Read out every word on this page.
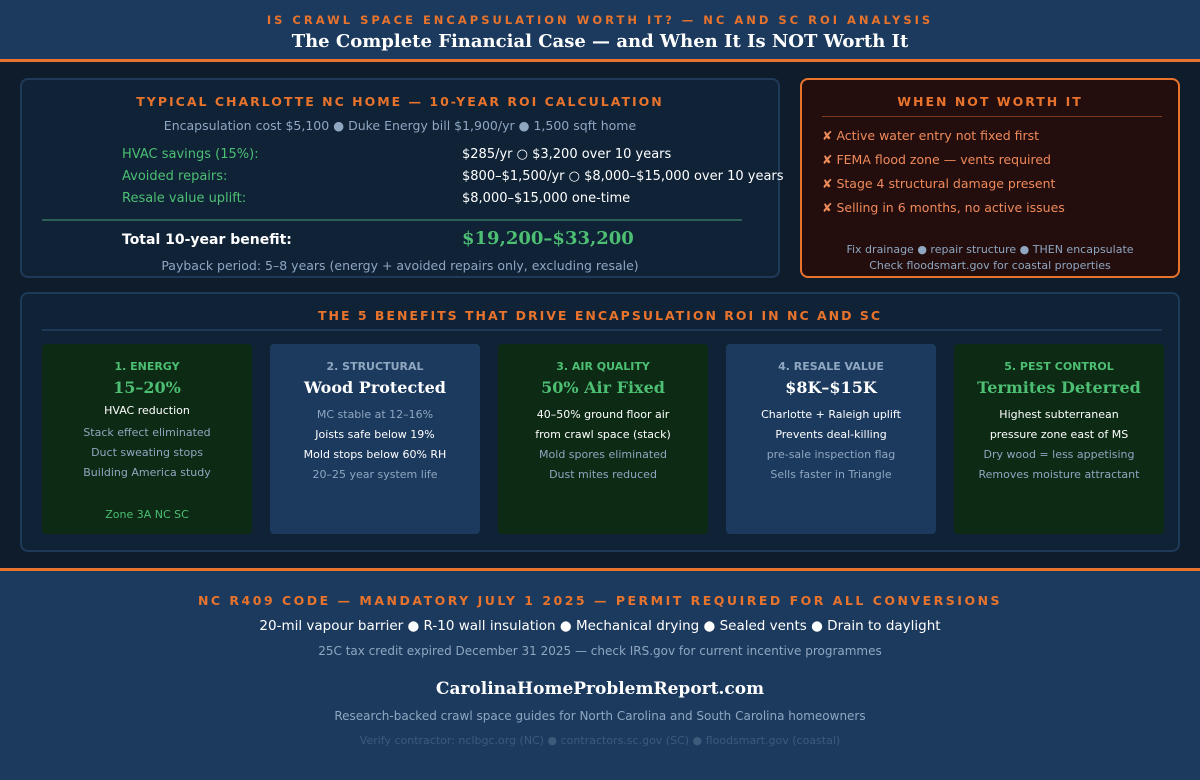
IS CRAWL SPACE ENCAPSULATION WORTH IT? — NC AND SC ROI ANALYSIS
The Complete Financial Case — and When It Is NOT Worth It
TYPICAL CHARLOTTE NC HOME — 10-YEAR ROI CALCULATION
Encapsulation cost $5,100 ● Duke Energy bill $1,900/yr ● 1,500 sqft home
HVAC savings (15%):	$285/yr ○ $3,200 over 10 years
Avoided repairs:	$800–$1,500/yr ○ $8,000–$15,000 over 10 years
Resale value uplift:	$8,000–$15,000 one-time
Total 10-year benefit:	$19,200–$33,200
Payback period: 5–8 years (energy + avoided repairs only, excluding resale)
WHEN NOT WORTH IT
✘ Active water entry not fixed first
✘ FEMA flood zone — vents required
✘ Stage 4 structural damage present
✘ Selling in 6 months, no active issues
Fix drainage ● repair structure ● THEN encapsulate
Check floodsmart.gov for coastal properties
THE 5 BENEFITS THAT DRIVE ENCAPSULATION ROI IN NC AND SC
1. ENERGY
15–20%
HVAC reduction
Stack effect eliminated
Duct sweating stops
Building America study
Zone 3A NC SC
2. STRUCTURAL
Wood Protected
MC stable at 12–16%
Joists safe below 19%
Mold stops below 60% RH
20–25 year system life
3. AIR QUALITY
50% Air Fixed
40–50% ground floor air
from crawl space (stack)
Mold spores eliminated
Dust mites reduced
4. RESALE VALUE
$8K–$15K
Charlotte + Raleigh uplift
Prevents deal-killing
pre-sale inspection flag
Sells faster in Triangle
5. PEST CONTROL
Termites Deterred
Highest subterranean
pressure zone east of MS
Dry wood = less appetising
Removes moisture attractant
NC R409 CODE — MANDATORY JULY 1 2025 — PERMIT REQUIRED FOR ALL CONVERSIONS
20-mil vapour barrier ● R-10 wall insulation ● Mechanical drying ● Sealed vents ● Drain to daylight
25C tax credit expired December 31 2025 — check IRS.gov for current incentive programmes
CarolinaHomeProblemReport.com
Research-backed crawl space guides for North Carolina and South Carolina homeowners
Verify contractor: nclbgc.org (NC) ● contractors.sc.gov (SC) ● floodsmart.gov (coastal)
